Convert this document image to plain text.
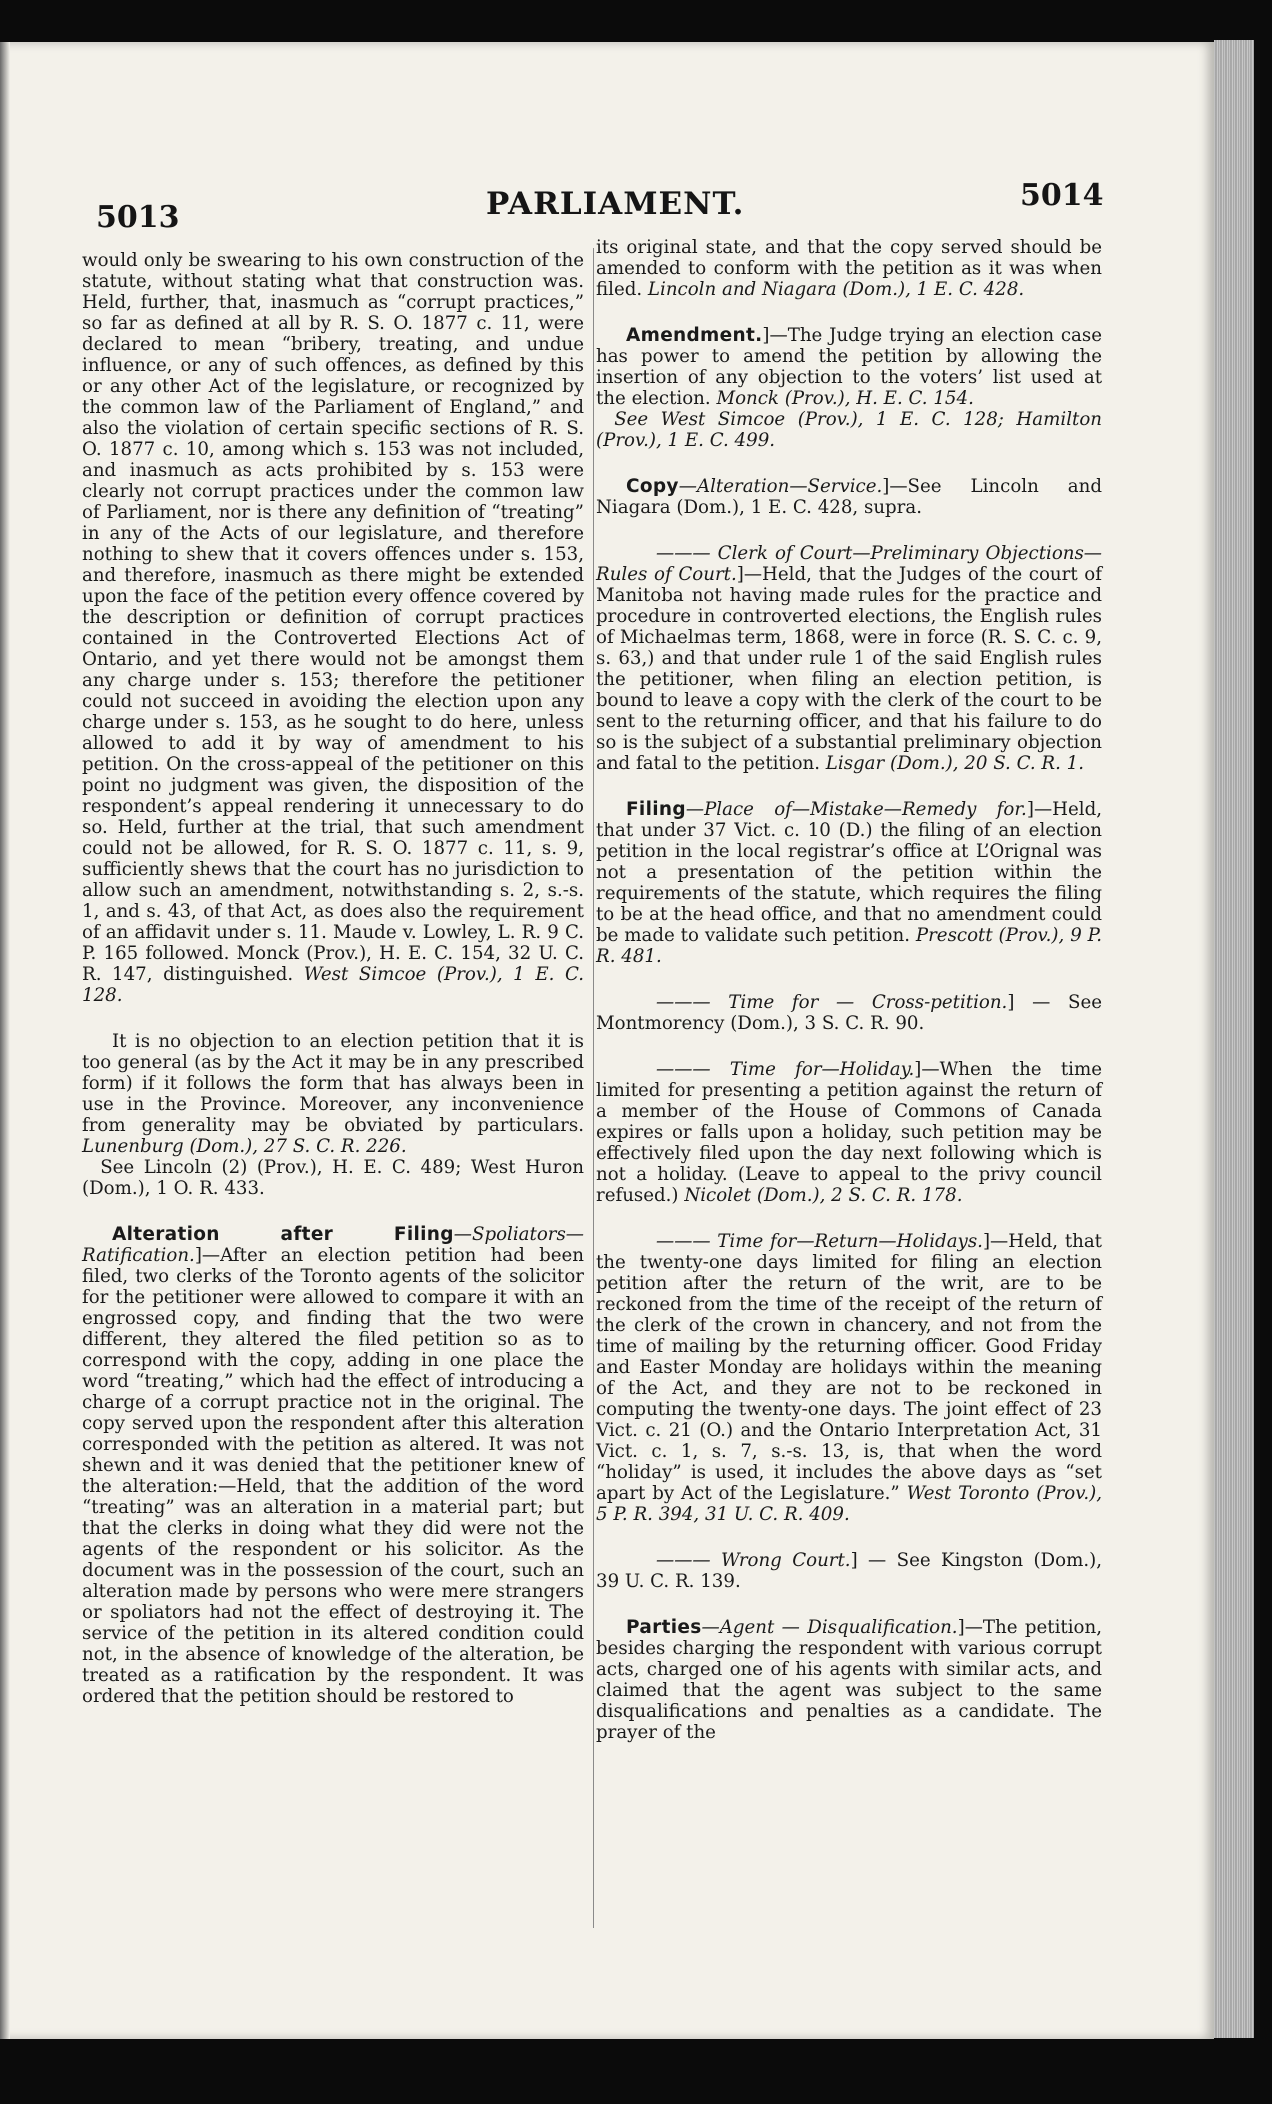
5013	PARLIAMENT.	5014

would only be swearing to his own construction of the statute, without stating what that construction was. Held, further, that, inasmuch as “corrupt practices,” so far as defined at all by R. S. O. 1877 c. 11, were declared to mean “bribery, treating, and undue influence, or any of such offences, as defined by this or any other Act of the legislature, or recognized by the common law of the Parliament of England,” and also the violation of certain specific sections of R. S. O. 1877 c. 10, among which s. 153 was not included, and inasmuch as acts prohibited by s. 153 were clearly not corrupt practices under the common law of Parliament, nor is there any definition of “treating” in any of the Acts of our legislature, and therefore nothing to shew that it covers offences under s. 153, and therefore, inasmuch as there might be extended upon the face of the petition every offence covered by the description or definition of corrupt practices contained in the Controverted Elections Act of Ontario, and yet there would not be amongst them any charge under s. 153; therefore the petitioner could not succeed in avoiding the election upon any charge under s. 153, as he sought to do here, unless allowed to add it by way of amendment to his petition. On the cross-appeal of the petitioner on this point no judgment was given, the disposition of the respondent’s appeal rendering it unnecessary to do so. Held, further at the trial, that such amendment could not be allowed, for R. S. O. 1877 c. 11, s. 9, sufficiently shews that the court has no jurisdiction to allow such an amendment, notwithstanding s. 2, s.-s. 1, and s. 43, of that Act, as does also the requirement of an affidavit under s. 11. Maude v. Lowley, L. R. 9 C. P. 165 followed. Monck (Prov.), H. E. C. 154, 32 U. C. R. 147, distinguished. West Simcoe (Prov.), 1 E. C. 128.

It is no objection to an election petition that it is too general (as by the Act it may be in any prescribed form) if it follows the form that has always been in use in the Province. Moreover, any inconvenience from generality may be obviated by particulars. Lunenburg (Dom.), 27 S. C. R. 226.
 See Lincoln (2) (Prov.), H. E. C. 489; West Huron (Dom.), 1 O. R. 433.

Alteration after Filing—Spoliators—Ratification.]—After an election petition had been filed, two clerks of the Toronto agents of the solicitor for the petitioner were allowed to compare it with an engrossed copy, and finding that the two were different, they altered the filed petition so as to correspond with the copy, adding in one place the word “treating,” which had the effect of introducing a charge of a corrupt practice not in the original. The copy served upon the respondent after this alteration corresponded with the petition as altered. It was not shewn and it was denied that the petitioner knew of the alteration:—Held, that the addition of the word “treating” was an alteration in a material part; but that the clerks in doing what they did were not the agents of the respondent or his solicitor. As the document was in the possession of the court, such an alteration made by persons who were mere strangers or spoliators had not the effect of destroying it. The service of the petition in its altered condition could not, in the absence of knowledge of the alteration, be treated as a ratification by the respondent. It was ordered that the petition should be restored to

its original state, and that the copy served should be amended to conform with the petition as it was when filed. Lincoln and Niagara (Dom.), 1 E. C. 428.

Amendment.]—The Judge trying an election case has power to amend the petition by allowing the insertion of any objection to the voters’ list used at the election. Monck (Prov.), H. E. C. 154.
 See West Simcoe (Prov.), 1 E. C. 128; Hamilton (Prov.), 1 E. C. 499.

Copy—Alteration—Service.]—See Lincoln and Niagara (Dom.), 1 E. C. 428, supra.

——— Clerk of Court—Preliminary Objections—Rules of Court.]—Held, that the Judges of the court of Manitoba not having made rules for the practice and procedure in controverted elections, the English rules of Michaelmas term, 1868, were in force (R. S. C. c. 9, s. 63,) and that under rule 1 of the said English rules the petitioner, when filing an election petition, is bound to leave a copy with the clerk of the court to be sent to the returning officer, and that his failure to do so is the subject of a substantial preliminary objection and fatal to the petition. Lisgar (Dom.), 20 S. C. R. 1.

Filing—Place of—Mistake—Remedy for.]—Held, that under 37 Vict. c. 10 (D.) the filing of an election petition in the local registrar’s office at L’Orignal was not a presentation of the petition within the requirements of the statute, which requires the filing to be at the head office, and that no amendment could be made to validate such petition. Prescott (Prov.), 9 P. R. 481.

——— Time for — Cross-petition.] — See Montmorency (Dom.), 3 S. C. R. 90.

——— Time for—Holiday.]—When the time limited for presenting a petition against the return of a member of the House of Commons of Canada expires or falls upon a holiday, such petition may be effectively filed upon the day next following which is not a holiday. (Leave to appeal to the privy council refused.) Nicolet (Dom.), 2 S. C. R. 178.

——— Time for—Return—Holidays.]—Held, that the twenty-one days limited for filing an election petition after the return of the writ, are to be reckoned from the time of the receipt of the return of the clerk of the crown in chancery, and not from the time of mailing by the returning officer. Good Friday and Easter Monday are holidays within the meaning of the Act, and they are not to be reckoned in computing the twenty-one days. The joint effect of 23 Vict. c. 21 (O.) and the Ontario Interpretation Act, 31 Vict. c. 1, s. 7, s.-s. 13, is, that when the word “holiday” is used, it includes the above days as “set apart by Act of the Legislature.” West Toronto (Prov.), 5 P. R. 394, 31 U. C. R. 409.

——— Wrong Court.] — See Kingston (Dom.), 39 U. C. R. 139.

Parties—Agent — Disqualification.]—The petition, besides charging the respondent with various corrupt acts, charged one of his agents with similar acts, and claimed that the agent was subject to the same disqualifications and penalties as a candidate. The prayer of the
